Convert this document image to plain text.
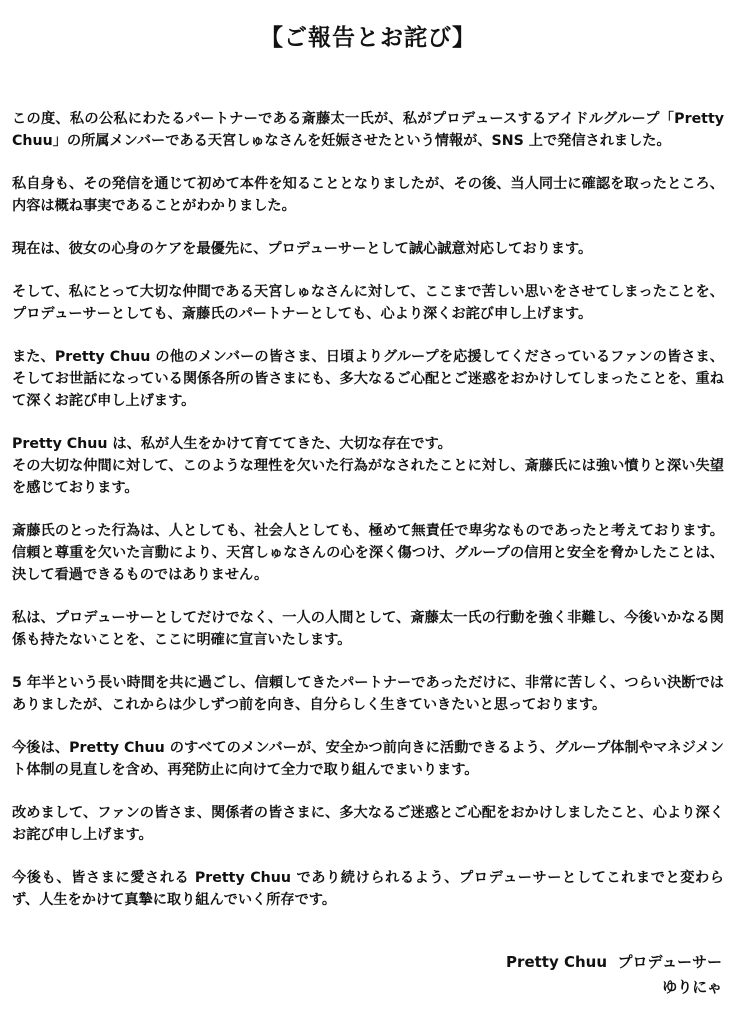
【ご報告とお詫び】

この度、私の公私にわたるパートナーである斎藤太一氏が、私がプロデュースするアイドルグループ「Pretty Chuu」の所属メンバーである天宮しゅなさんを妊娠させたという情報が、SNS 上で発信されました。

私自身も、その発信を通じて初めて本件を知ることとなりましたが、その後、当人同士に確認を取ったところ、内容は概ね事実であることがわかりました。

現在は、彼女の心身のケアを最優先に、プロデューサーとして誠心誠意対応しております。

そして、私にとって大切な仲間である天宮しゅなさんに対して、ここまで苦しい思いをさせてしまったことを、プロデューサーとしても、斎藤氏のパートナーとしても、心より深くお詫び申し上げます。

また、Pretty Chuu の他のメンバーの皆さま、日頃よりグループを応援してくださっているファンの皆さま、そしてお世話になっている関係各所の皆さまにも、多大なるご心配とご迷惑をおかけしてしまったことを、重ねて深くお詫び申し上げます。

Pretty Chuu は、私が人生をかけて育ててきた、大切な存在です。
その大切な仲間に対して、このような理性を欠いた行為がなされたことに対し、斎藤氏には強い憤りと深い失望を感じております。

斎藤氏のとった行為は、人としても、社会人としても、極めて無責任で卑劣なものであったと考えております。信頼と尊重を欠いた言動により、天宮しゅなさんの心を深く傷つけ、グループの信用と安全を脅かしたことは、決して看過できるものではありません。

私は、プロデューサーとしてだけでなく、一人の人間として、斎藤太一氏の行動を強く非難し、今後いかなる関係も持たないことを、ここに明確に宣言いたします。

5 年半という長い時間を共に過ごし、信頼してきたパートナーであっただけに、非常に苦しく、つらい決断ではありましたが、これからは少しずつ前を向き、自分らしく生きていきたいと思っております。

今後は、Pretty Chuu のすべてのメンバーが、安全かつ前向きに活動できるよう、グループ体制やマネジメント体制の見直しを含め、再発防止に向けて全力で取り組んでまいります。

改めまして、ファンの皆さま、関係者の皆さまに、多大なるご迷惑とご心配をおかけしましたこと、心より深くお詫び申し上げます。

今後も、皆さまに愛される Pretty Chuu であり続けられるよう、プロデューサーとしてこれまでと変わらず、人生をかけて真摯に取り組んでいく所存です。

Pretty Chuu  プロデューサー
ゆりにゃ
